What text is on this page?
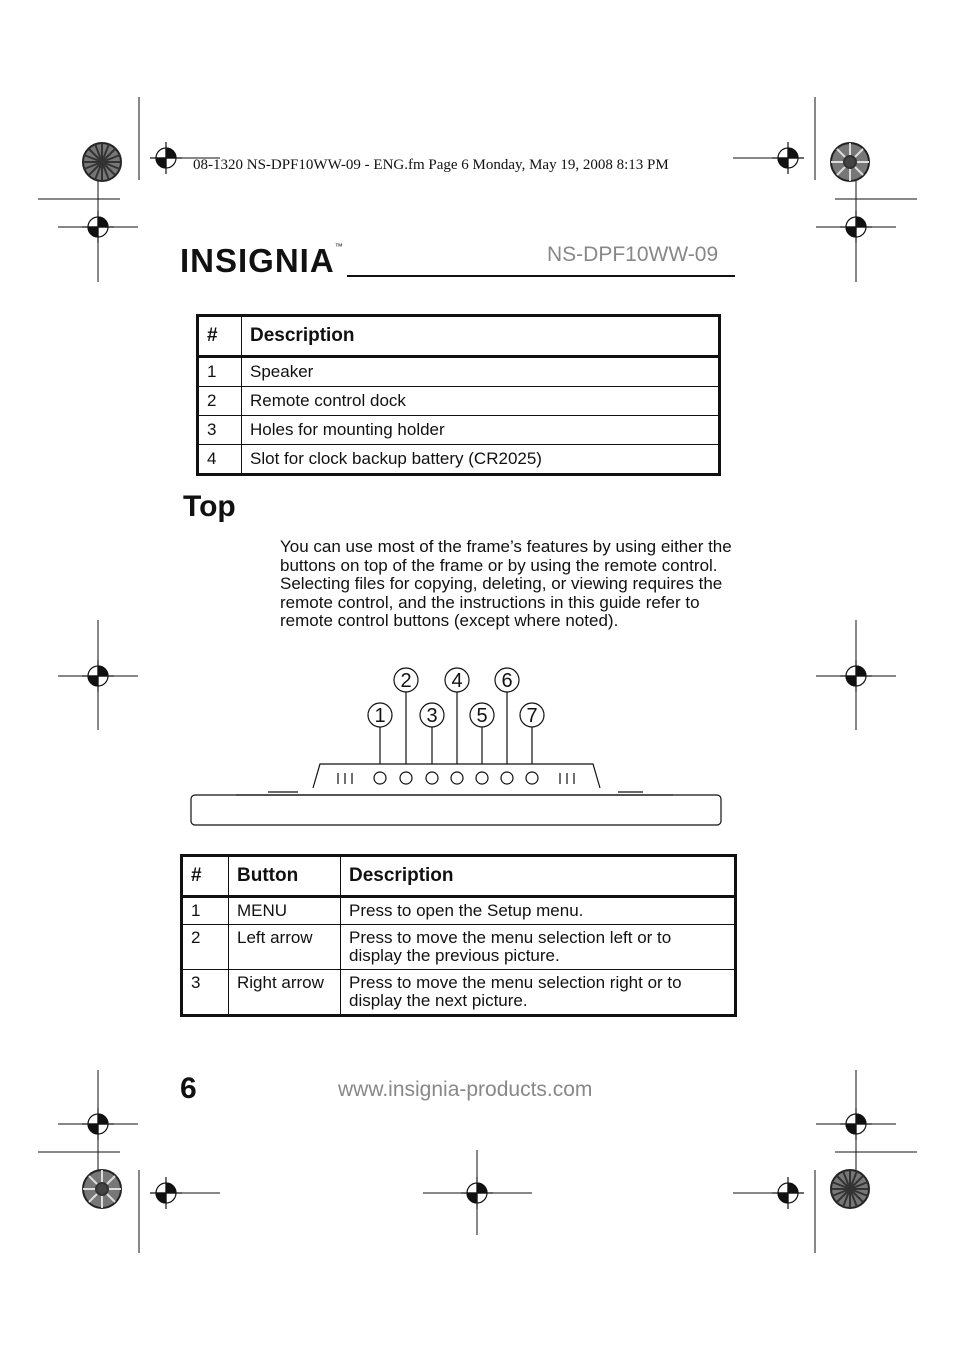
08-1320 NS-DPF10WW-09 - ENG.fm Page 6 Monday, May 19, 2008 8:13 PM
INSIGNIA™	NS-DPF10WW-09
#	Description
1	Speaker
2	Remote control dock
3	Holes for mounting holder
4	Slot for clock backup battery (CR2025)
Top
You can use most of the frame’s features by using either the buttons on top of the frame or by using the remote control. Selecting files for copying, deleting, or viewing requires the remote control, and the instructions in this guide refer to remote control buttons (except where noted).
1
2
3
4
5
6
7
#	Button	Description
1	MENU	Press to open the Setup menu.
2	Left arrow	Press to move the menu selection left or to display the previous picture.
3	Right arrow	Press to move the menu selection right or to display the next picture.
6	www.insignia-products.com
